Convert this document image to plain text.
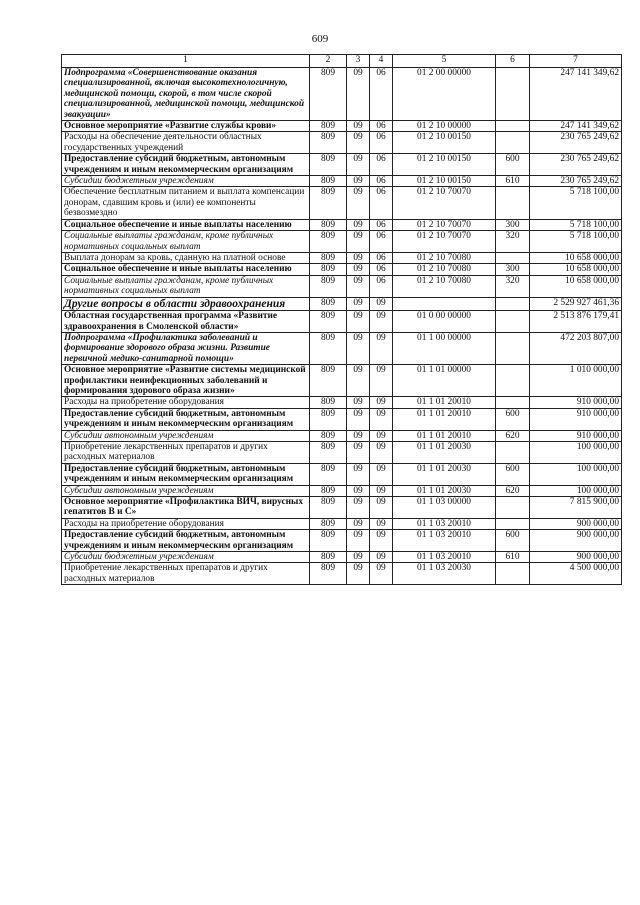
609
1	2	3	4	5	6	7
Подпрограмма «Совершенствование оказания специализированной, включая высокотехнологичную, медицинской помощи, скорой, в том числе скорой специализированной, медицинской помощи, медицинской эвакуации»	809	09	06	01 2 00 00000		247 141 349,62
Основное мероприятие «Развитие службы крови»	809	09	06	01 2 10 00000		247 141 349,62
Расходы на обеспечение деятельности областных государственных учреждений	809	09	06	01 2 10 00150		230 765 249,62
Предоставление субсидий бюджетным, автономным учреждениям и иным некоммерческим организациям	809	09	06	01 2 10 00150	600	230 765 249,62
Субсидии бюджетным учреждениям	809	09	06	01 2 10 00150	610	230 765 249,62
Обеспечение бесплатным питанием и выплата компенсации донорам, сдавшим кровь и (или) ее компоненты безвозмездно	809	09	06	01 2 10 70070		5 718 100,00
Социальное обеспечение и иные выплаты населению	809	09	06	01 2 10 70070	300	5 718 100,00
Социальные выплаты гражданам, кроме публичных нормативных социальных выплат	809	09	06	01 2 10 70070	320	5 718 100,00
Выплата донорам за кровь, сданную на платной основе	809	09	06	01 2 10 70080		10 658 000,00
Социальное обеспечение и иные выплаты населению	809	09	06	01 2 10 70080	300	10 658 000,00
Социальные выплаты гражданам, кроме публичных нормативных социальных выплат	809	09	06	01 2 10 70080	320	10 658 000,00
Другие вопросы в области здравоохранения	809	09	09			2 529 927 461,36
Областная государственная программа «Развитие здравоохранения в Смоленской области»	809	09	09	01 0 00 00000		2 513 876 179,41
Подпрограмма «Профилактика заболеваний и формирование здорового образа жизни. Развитие первичной медико-санитарной помощи»	809	09	09	01 1 00 00000		472 203 807,00
Основное мероприятие «Развитие системы медицинской профилактики неинфекционных заболеваний и формирования здорового образа жизни»	809	09	09	01 1 01 00000		1 010 000,00
Расходы на приобретение оборудования	809	09	09	01 1 01 20010		910 000,00
Предоставление субсидий бюджетным, автономным учреждениям и иным некоммерческим организациям	809	09	09	01 1 01 20010	600	910 000,00
Субсидии автономным учреждениям	809	09	09	01 1 01 20010	620	910 000,00
Приобретение лекарственных препаратов и других расходных материалов	809	09	09	01 1 01 20030		100 000,00
Предоставление субсидий бюджетным, автономным учреждениям и иным некоммерческим организациям	809	09	09	01 1 01 20030	600	100 000,00
Субсидии автономным учреждениям	809	09	09	01 1 01 20030	620	100 000,00
Основное мероприятие «Профилактика ВИЧ, вирусных гепатитов В и С»	809	09	09	01 1 03 00000		7 815 900,00
Расходы на приобретение оборудования	809	09	09	01 1 03 20010		900 000,00
Предоставление субсидий бюджетным, автономным учреждениям и иным некоммерческим организациям	809	09	09	01 1 03 20010	600	900 000,00
Субсидии бюджетным учреждениям	809	09	09	01 1 03 20010	610	900 000,00
Приобретение лекарственных препаратов и других расходных материалов	809	09	09	01 1 03 20030		4 500 000,00
